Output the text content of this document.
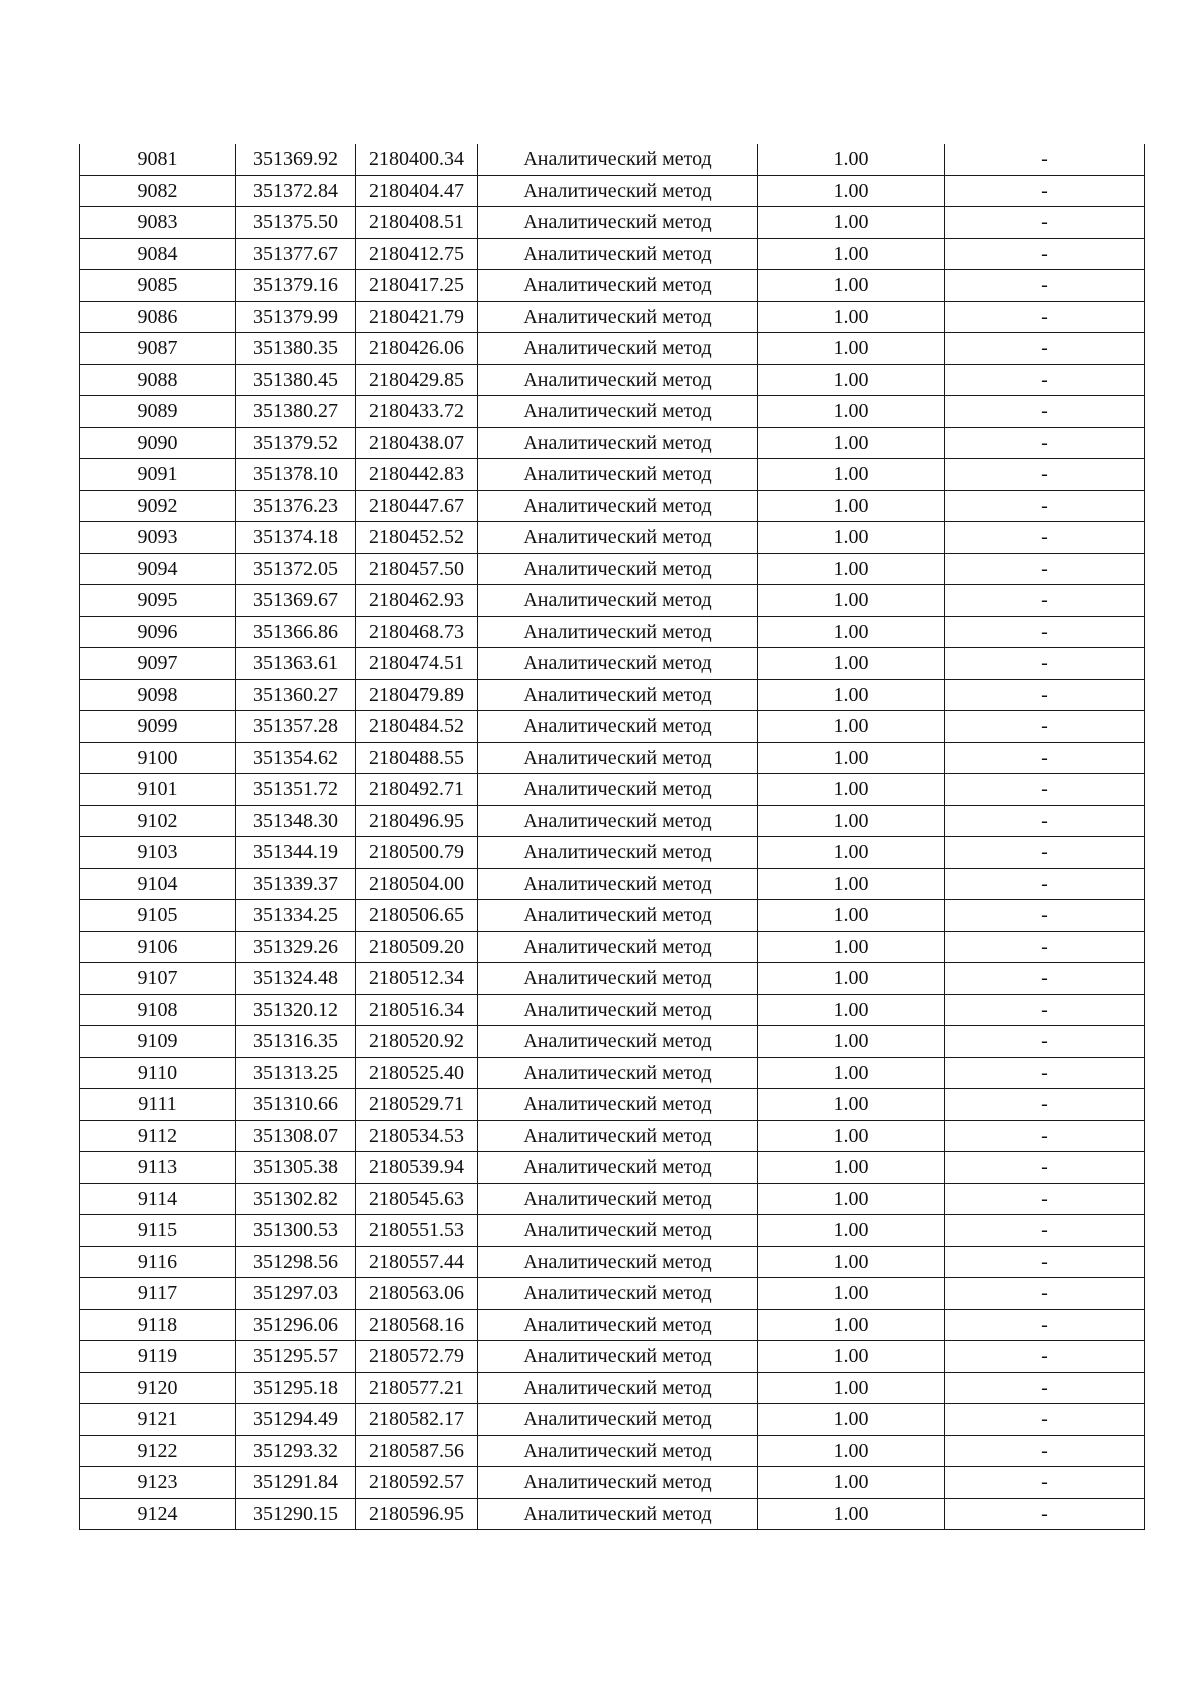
9081	351369.92	2180400.34	Аналитический метод	1.00	-
9082	351372.84	2180404.47	Аналитический метод	1.00	-
9083	351375.50	2180408.51	Аналитический метод	1.00	-
9084	351377.67	2180412.75	Аналитический метод	1.00	-
9085	351379.16	2180417.25	Аналитический метод	1.00	-
9086	351379.99	2180421.79	Аналитический метод	1.00	-
9087	351380.35	2180426.06	Аналитический метод	1.00	-
9088	351380.45	2180429.85	Аналитический метод	1.00	-
9089	351380.27	2180433.72	Аналитический метод	1.00	-
9090	351379.52	2180438.07	Аналитический метод	1.00	-
9091	351378.10	2180442.83	Аналитический метод	1.00	-
9092	351376.23	2180447.67	Аналитический метод	1.00	-
9093	351374.18	2180452.52	Аналитический метод	1.00	-
9094	351372.05	2180457.50	Аналитический метод	1.00	-
9095	351369.67	2180462.93	Аналитический метод	1.00	-
9096	351366.86	2180468.73	Аналитический метод	1.00	-
9097	351363.61	2180474.51	Аналитический метод	1.00	-
9098	351360.27	2180479.89	Аналитический метод	1.00	-
9099	351357.28	2180484.52	Аналитический метод	1.00	-
9100	351354.62	2180488.55	Аналитический метод	1.00	-
9101	351351.72	2180492.71	Аналитический метод	1.00	-
9102	351348.30	2180496.95	Аналитический метод	1.00	-
9103	351344.19	2180500.79	Аналитический метод	1.00	-
9104	351339.37	2180504.00	Аналитический метод	1.00	-
9105	351334.25	2180506.65	Аналитический метод	1.00	-
9106	351329.26	2180509.20	Аналитический метод	1.00	-
9107	351324.48	2180512.34	Аналитический метод	1.00	-
9108	351320.12	2180516.34	Аналитический метод	1.00	-
9109	351316.35	2180520.92	Аналитический метод	1.00	-
9110	351313.25	2180525.40	Аналитический метод	1.00	-
9111	351310.66	2180529.71	Аналитический метод	1.00	-
9112	351308.07	2180534.53	Аналитический метод	1.00	-
9113	351305.38	2180539.94	Аналитический метод	1.00	-
9114	351302.82	2180545.63	Аналитический метод	1.00	-
9115	351300.53	2180551.53	Аналитический метод	1.00	-
9116	351298.56	2180557.44	Аналитический метод	1.00	-
9117	351297.03	2180563.06	Аналитический метод	1.00	-
9118	351296.06	2180568.16	Аналитический метод	1.00	-
9119	351295.57	2180572.79	Аналитический метод	1.00	-
9120	351295.18	2180577.21	Аналитический метод	1.00	-
9121	351294.49	2180582.17	Аналитический метод	1.00	-
9122	351293.32	2180587.56	Аналитический метод	1.00	-
9123	351291.84	2180592.57	Аналитический метод	1.00	-
9124	351290.15	2180596.95	Аналитический метод	1.00	-
